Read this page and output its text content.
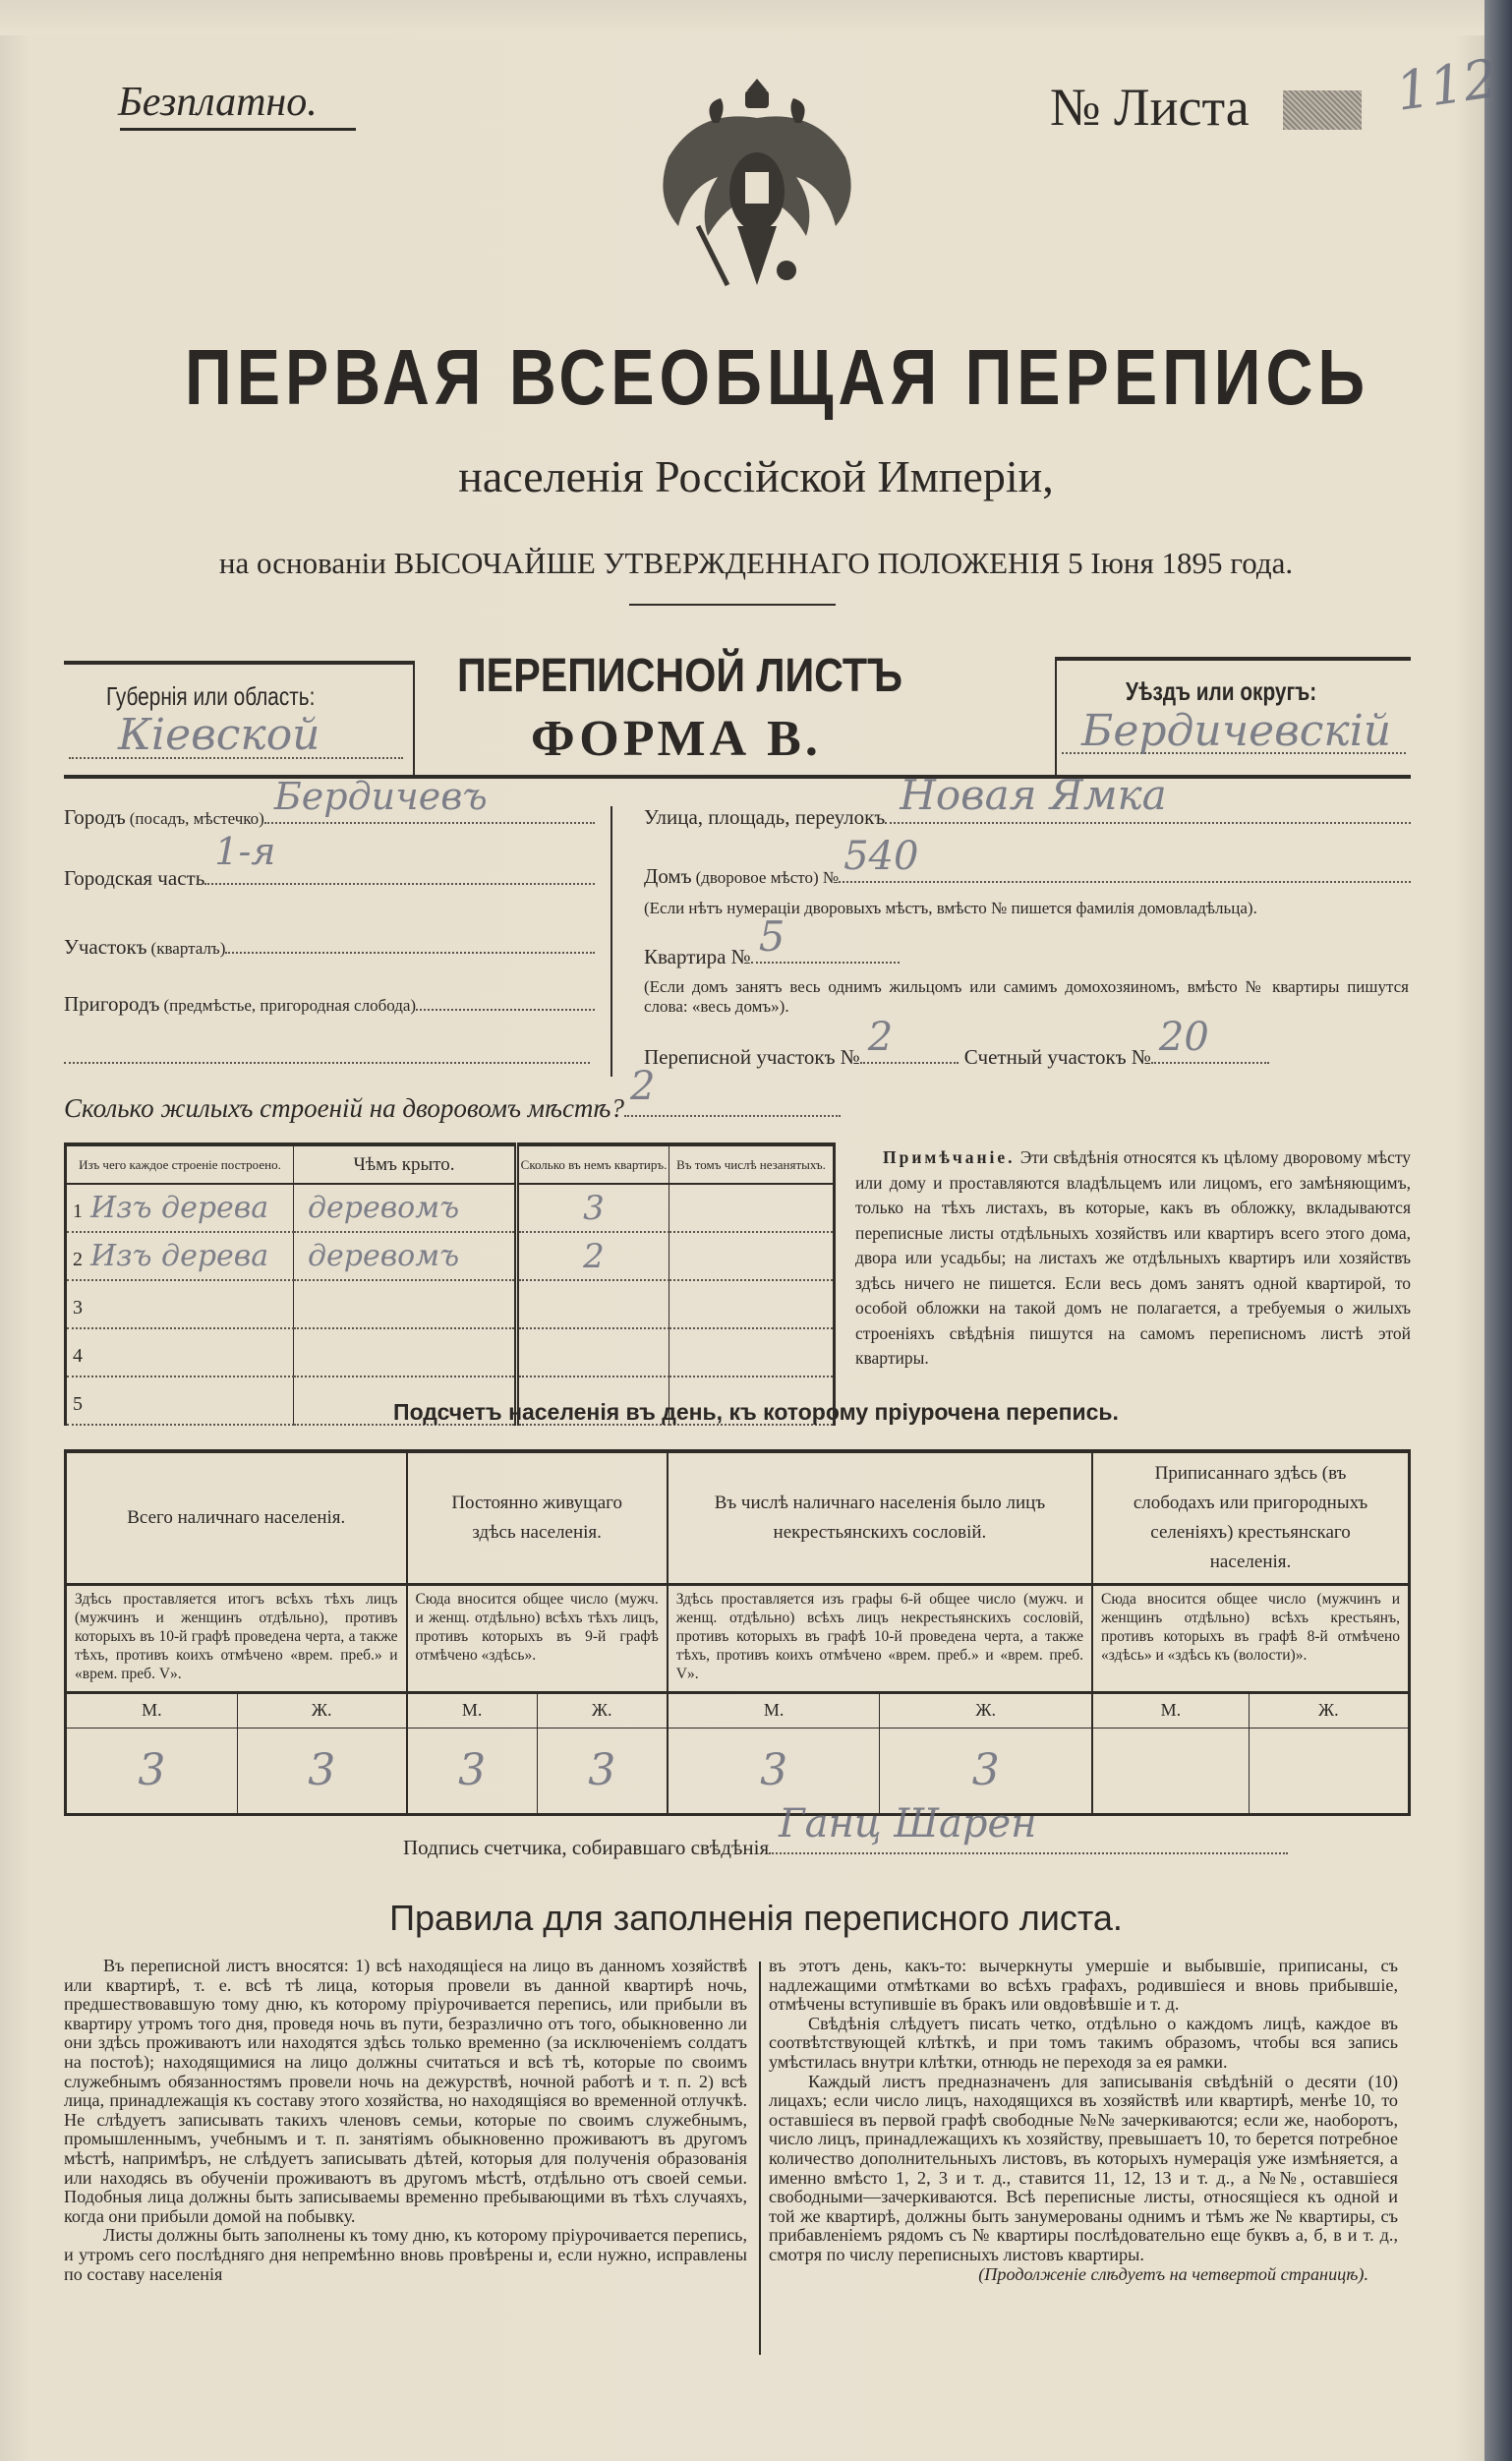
Безплатно.	№ Листа	112
ПЕРВАЯ ВСЕОБЩАЯ ПЕРЕПИСЬ
населенія Россійской Имперіи,
на основаніи ВЫСОЧАЙШЕ УТВЕРЖДЕННАГО ПОЛОЖЕНІЯ 5 Іюня 1895 года.
Губернія или область:
Кіевской
ПЕРЕПИСНОЙ ЛИСТЪ
ФОРМА В.
Уѣздъ или округъ:
Бердичевскій
Городъ
(посадъ, мѣстечко)
Бердичевъ
Городская часть
1-я
Участокъ
(кварталъ)
Пригородъ
(предмѣстье, пригородная слобода)
Улица, площадь, переулокъ Новая Ямка
Домъ
(дворовое мѣсто) № 540
(Если нѣтъ нумераціи дворовыхъ мѣстъ, вмѣсто № пишется фамилія домовладѣльца).
Квартира № 5
(Если домъ занятъ весь однимъ жильцомъ или самимъ домохозяиномъ, вмѣсто № квартиры пишутся слова: «весь домъ»).
Переписной участокъ № 2	Счетный участокъ № 20
Сколько жилыхъ строеній на дворовомъ мѣстѣ? 2
Изъ чего каждое строеніе построено.	Чѣмъ крыто.	Сколько въ немъ квартиръ.	Въ томъ числѣ незанятыхъ.
1 Изъ дерева	деревомъ	3	

2 Изъ дерева	деревомъ	2	

3		

4		

5		

Примѣчаніе. Эти свѣдѣнія относятся къ цѣлому дворовому мѣсту или дому и проставляются владѣльцемъ или лицомъ, его замѣняющимъ, только на тѣхъ листахъ, въ которые, какъ въ обложку, вкладываются переписные листы отдѣльныхъ хозяйствъ или квартиръ всего этого дома, двора или усадьбы; на листахъ же отдѣльныхъ квартиръ или хозяйствъ здѣсь ничего не пишется. Если весь домъ занятъ одной квартирой, то особой обложки на такой домъ не полагается, а требуемыя о жилыхъ строеніяхъ свѣдѣнія пишутся на самомъ переписномъ листѣ этой квартиры.
Подсчетъ населенія въ день, къ которому пріурочена перепись.
Всего наличнаго населенія.		Постоянно живущаго здѣсь населенія.		Въ числѣ наличнаго населенія было лицъ некрестьянскихъ сословій.		Приписаннаго здѣсь (въ слободахъ или пригородныхъ селеніяхъ) крестьянскаго населенія.	
Здѣсь проставляется итогъ всѣхъ тѣхъ лицъ (мужчинъ и женщинъ отдѣльно), противъ которыхъ въ 10-й графѣ проведена черта, а также тѣхъ, противъ коихъ отмѣчено «врем. преб.» и «врем. преб. V».		Сюда вносится общее число (мужч. и женщ. отдѣльно) всѣхъ тѣхъ лицъ, противъ которыхъ въ 9-й графѣ отмѣчено «здѣсь».		Здѣсь проставляется изъ графы 6-й общее число (мужч. и женщ. отдѣльно) всѣхъ лицъ некрестьянскихъ сословій, противъ которыхъ въ графѣ 10-й проведена черта, а также тѣхъ, противъ коихъ отмѣчено «врем. преб.» и «врем. преб. V».		Сюда вносится общее число (мужчинъ и женщинъ отдѣльно) всѣхъ крестьянъ, противъ которыхъ въ графѣ 8-й отмѣчено «здѣсь» и «здѣсь къ (волости)».	
М.	Ж.	М.	Ж.	М.	Ж.	М.	Ж.
3	3	3	3	3	3		
Подпись счетчика, собиравшаго свѣдѣнія
Ганц Шарен
Правила для заполненія переписного листа.

Въ переписной листъ вносятся: 1) всѣ находящіеся на лицо въ данномъ хозяйствѣ или квартирѣ, т. е. всѣ тѣ лица, которыя провели въ данной квартирѣ ночь, предшествовавшую тому дню, къ которому пріурочивается перепись, или прибыли въ квартиру утромъ того дня, проведя ночь въ пути, безразлично отъ того, обыкновенно ли они здѣсь проживаютъ или находятся здѣсь только временно (за исключеніемъ солдатъ на постоѣ); находящимися на лицо должны считаться и всѣ тѣ, которые по своимъ служебнымъ обязанностямъ провели ночь на дежурствѣ, ночной работѣ и т. п. 2) всѣ лица, принадлежащія къ составу этого хозяйства, но находящіяся во временной отлучкѣ. Не слѣдуетъ записывать такихъ членовъ семьи, которые по своимъ служебнымъ, промышленнымъ, учебнымъ и т. п. занятіямъ обыкновенно проживаютъ въ другомъ мѣстѣ, напримѣръ, не слѣдуетъ записывать дѣтей, которыя для полученія образованія или находясь въ обученіи проживаютъ въ другомъ мѣстѣ, отдѣльно отъ своей семьи. Подобныя лица должны быть записываемы временно пребывающими въ тѣхъ случаяхъ, когда они прибыли домой на побывку.

Листы должны быть заполнены къ тому дню, къ которому пріурочивается перепись, и утромъ сего послѣдняго дня непремѣнно вновь провѣрены и, если нужно, исправлены по составу населенія

въ этотъ день, какъ-то: вычеркнуты умершіе и выбывшіе, приписаны, съ надлежащими отмѣтками во всѣхъ графахъ, родившіеся и вновь прибывшіе, отмѣчены вступившіе въ бракъ или овдовѣвшіе и т. д.

Свѣдѣнія слѣдуетъ писать четко, отдѣльно о каждомъ лицѣ, каждое въ соотвѣтствующей клѣткѣ, и при томъ такимъ образомъ, чтобы вся запись умѣстилась внутри клѣтки, отнюдь не переходя за ея рамки.

Каждый листъ предназначенъ для записыванія свѣдѣній о десяти (10) лицахъ; если число лицъ, находящихся въ хозяйствѣ или квартирѣ, менѣе 10, то оставшіеся въ первой графѣ свободные №№ зачеркиваются; если же, наоборотъ, число лицъ, принадлежащихъ къ хозяйству, превышаетъ 10, то берется потребное количество дополнительныхъ листовъ, въ которыхъ нумерація уже измѣняется, а именно вмѣсто 1, 2, 3 и т. д., ставится 11, 12, 13 и т. д., а №№, оставшіеся свободными—зачеркиваются. Всѣ переписные листы, относящіеся къ одной и той же квартирѣ, должны быть занумерованы однимъ и тѣмъ же № квартиры, съ прибавленіемъ рядомъ съ № квартиры послѣдовательно еще буквъ а, б, в и т. д., смотря по числу переписныхъ листовъ квартиры.

(Продолженіе слѣдуетъ на четвертой страницѣ).
